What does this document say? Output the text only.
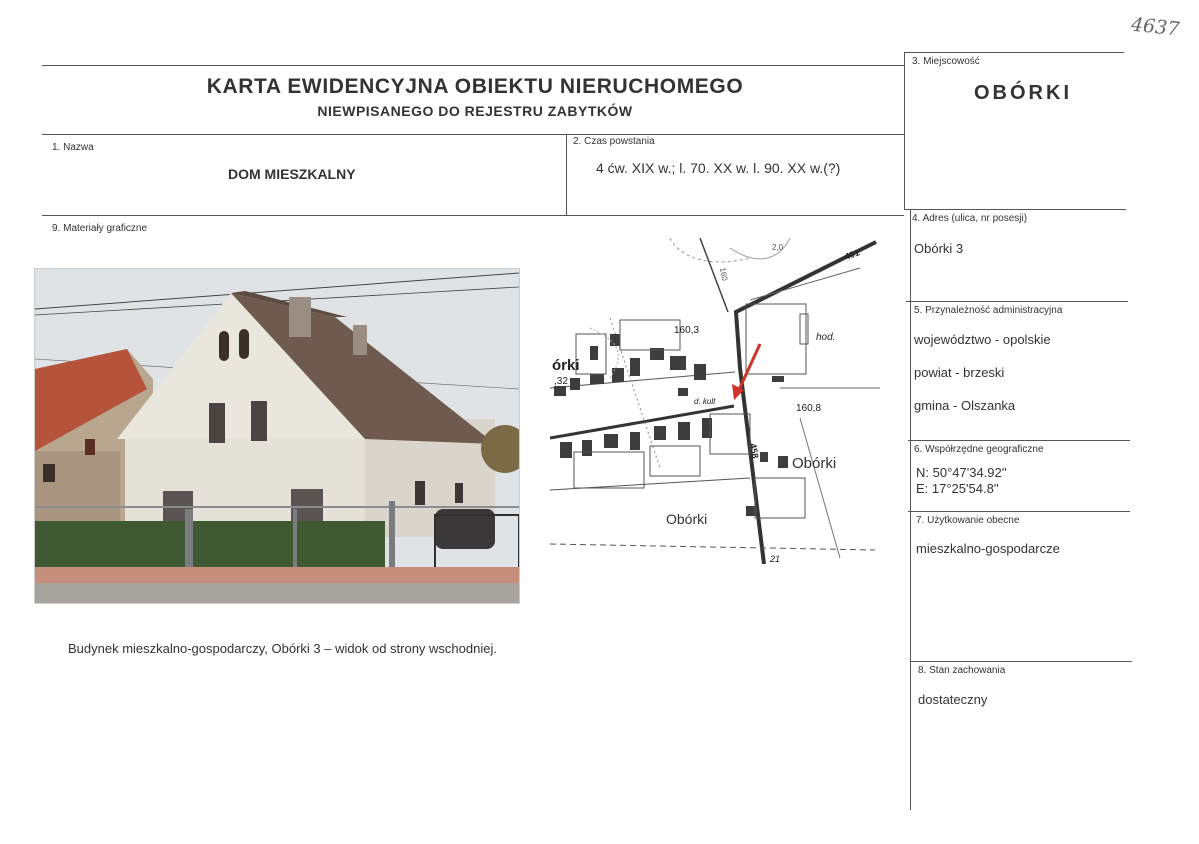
4637
KARTA EWIDENCYJNA OBIEKTU NIERUCHOMEGO
NIEWPISANEGO DO REJESTRU ZABYTKÓW
1. Nazwa
DOM MIESZKALNY
2. Czas powstania
4 ćw. XIX w.; l. 70. XX w. l. 90. XX w.(?)
3. Miejscowość
OBÓRKI
9. Materiały graficzne
4. Adres (ulica, nr posesji)
Obórki 3
5. Przynależność administracyjna
województwo - opolskie
powiat - brzeski
gmina - Olszanka
6. Współrzędne geograficzne
N: 50°47'34.92''
E: 17°25'54.8''
7. Użytkowanie obecne
mieszkalno-gospodarcze
8. Stan zachowania
dostateczny
Budynek mieszkalno-gospodarczy, Obórki 3 – widok od strony wschodniej.
160,3
160,8
hod.
Obórki
Obórki
órki
,32
d. kult
401
458
21
160
2,0
